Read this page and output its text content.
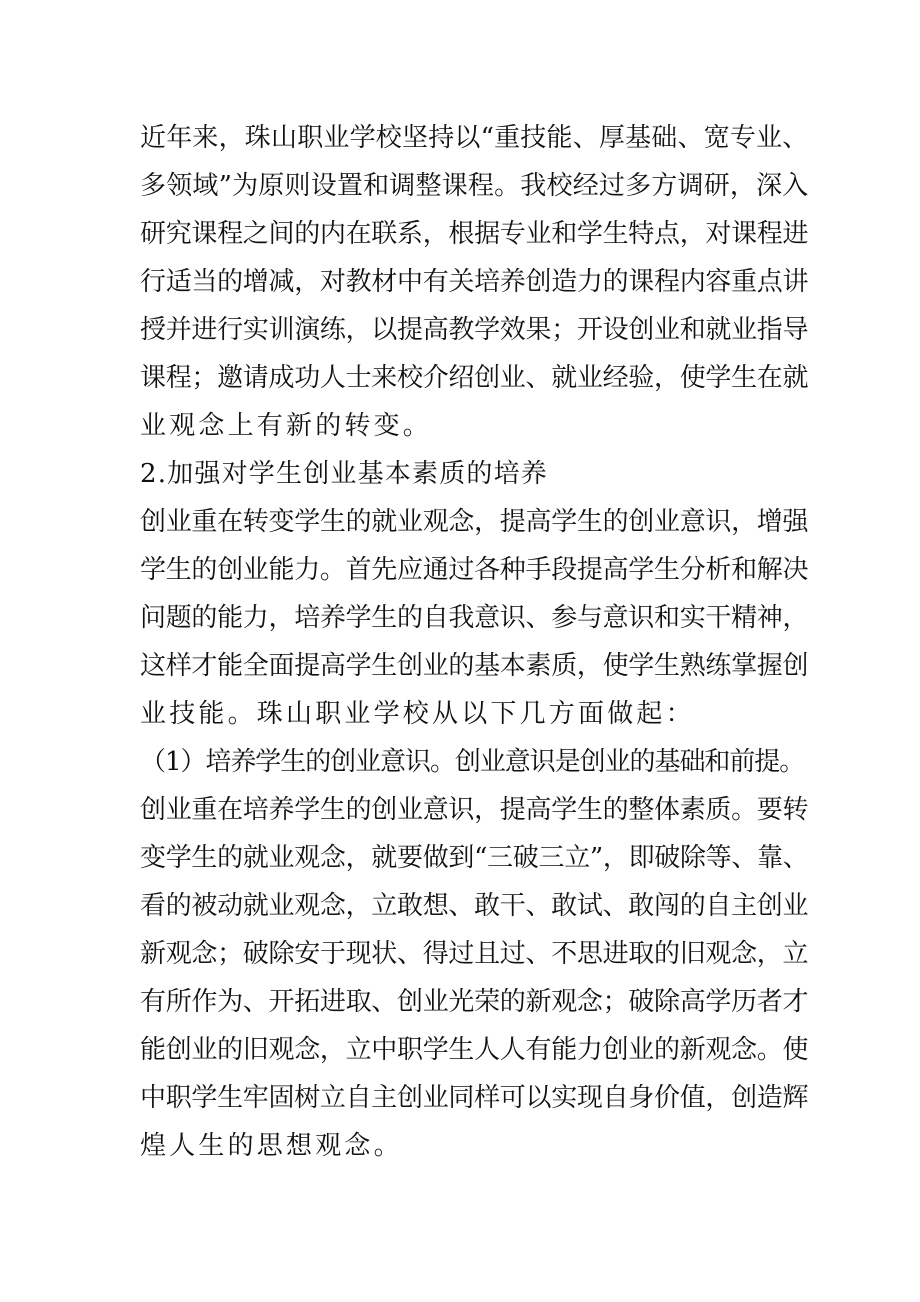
近年来，珠山职业学校坚持以“重技能、厚基础、宽专业、
多领域”为原则设置和调整课程。我校经过多方调研，深入
研究课程之间的内在联系，根据专业和学生特点，对课程进
行适当的增减，对教材中有关培养创造力的课程内容重点讲
授并进行实训演练，以提高教学效果；开设创业和就业指导
课程；邀请成功人士来校介绍创业、就业经验，使学生在就
业观念上有新的转变。
2.加强对学生创业基本素质的培养
创业重在转变学生的就业观念，提高学生的创业意识，增强
学生的创业能力。首先应通过各种手段提高学生分析和解决
问题的能力，培养学生的自我意识、参与意识和实干精神，
这样才能全面提高学生创业的基本素质，使学生熟练掌握创
业技能。珠山职业学校从以下几方面做起：
（1）培养学生的创业意识。创业意识是创业的基础和前提。
创业重在培养学生的创业意识，提高学生的整体素质。要转
变学生的就业观念，就要做到“三破三立”，即破除等、靠、
看的被动就业观念，立敢想、敢干、敢试、敢闯的自主创业
新观念；破除安于现状、得过且过、不思进取的旧观念，立
有所作为、开拓进取、创业光荣的新观念；破除高学历者才
能创业的旧观念，立中职学生人人有能力创业的新观念。使
中职学生牢固树立自主创业同样可以实现自身价值，创造辉
煌人生的思想观念。
